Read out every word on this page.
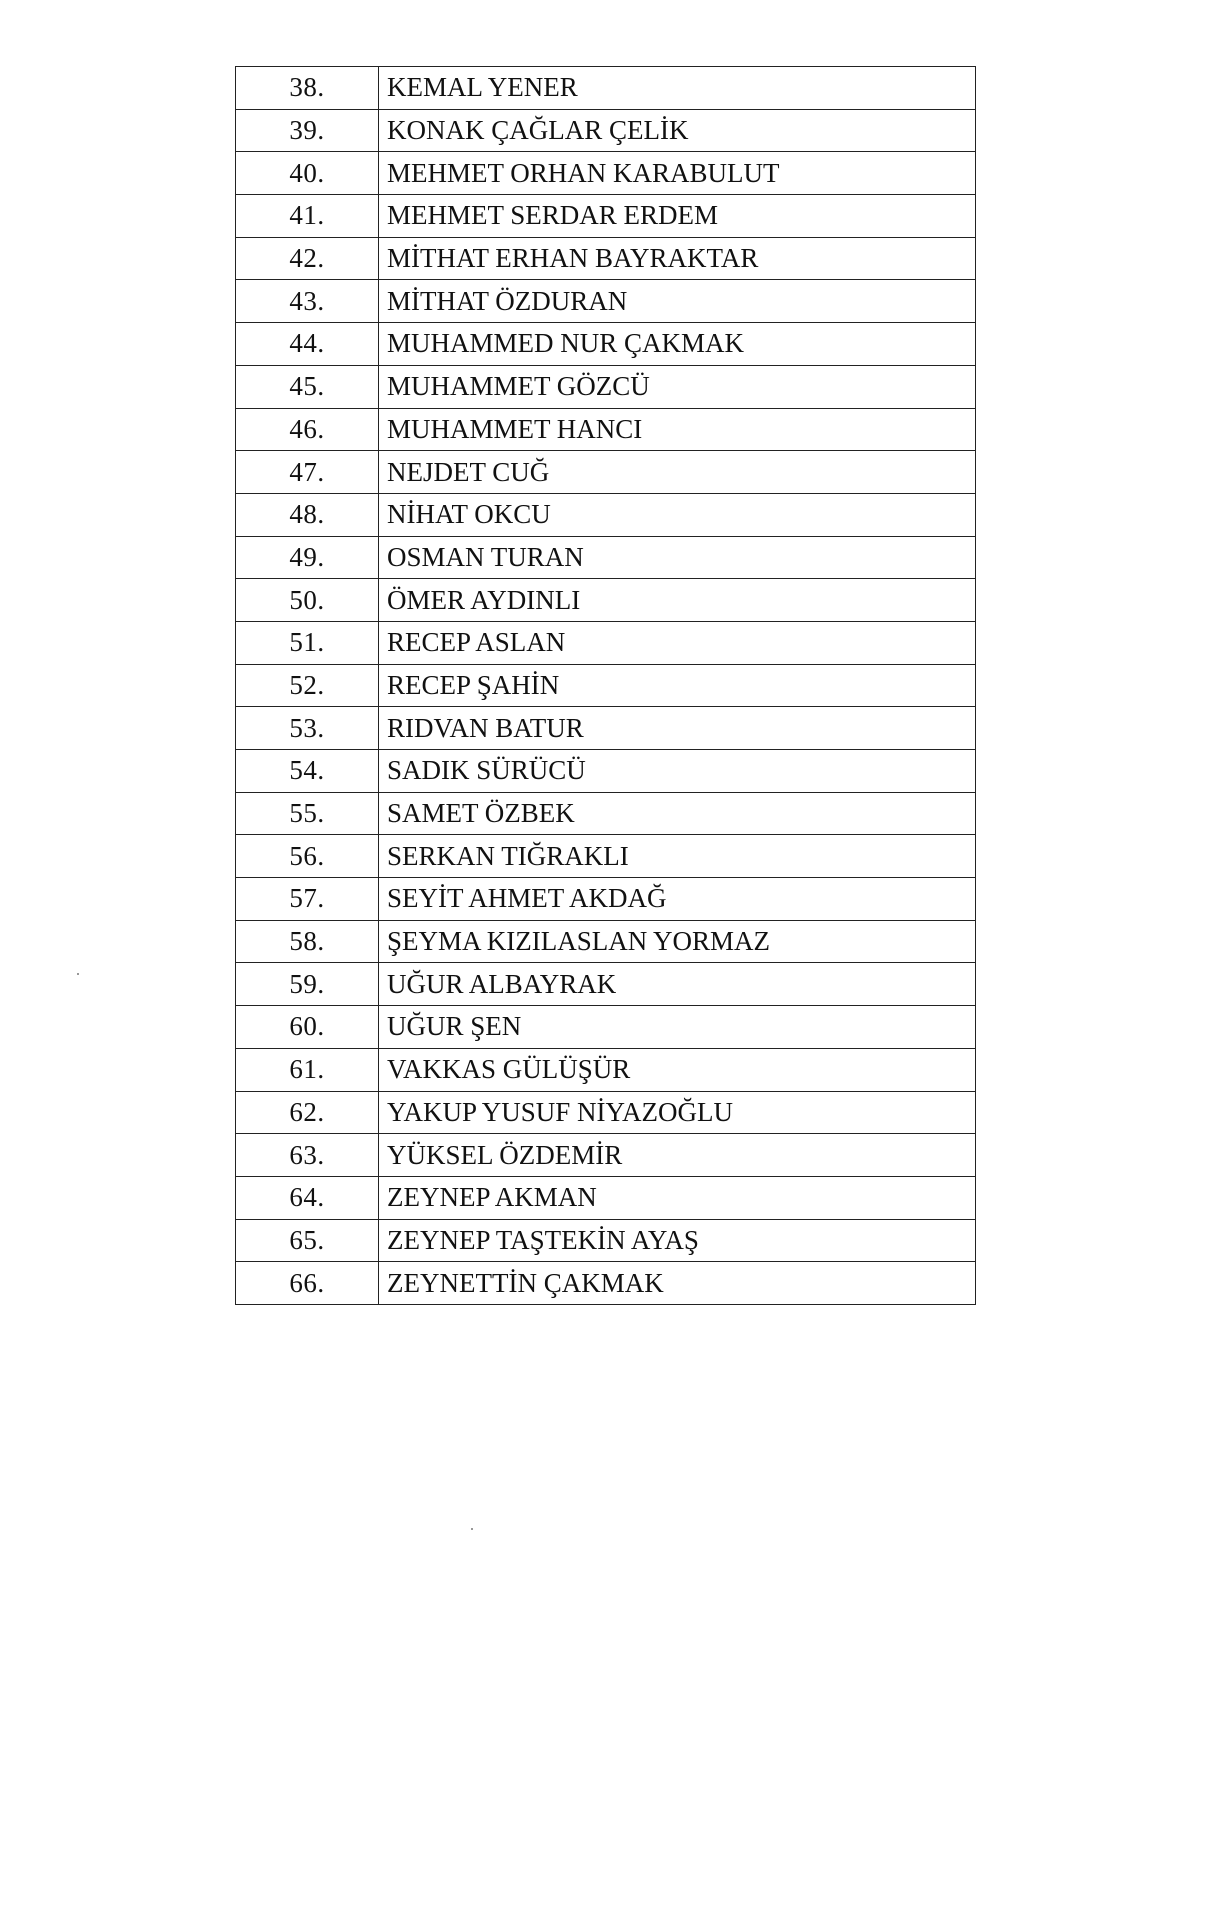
38.	KEMAL YENER
39.	KONAK ÇAĞLAR ÇELİK
40.	MEHMET ORHAN KARABULUT
41.	MEHMET SERDAR ERDEM
42.	MİTHAT ERHAN BAYRAKTAR
43.	MİTHAT ÖZDURAN
44.	MUHAMMED NUR ÇAKMAK
45.	MUHAMMET GÖZCÜ
46.	MUHAMMET HANCI
47.	NEJDET CUĞ
48.	NİHAT OKCU
49.	OSMAN TURAN
50.	ÖMER AYDINLI
51.	RECEP ASLAN
52.	RECEP ŞAHİN
53.	RIDVAN BATUR
54.	SADIK SÜRÜCÜ
55.	SAMET ÖZBEK
56.	SERKAN TIĞRAKLI
57.	SEYİT AHMET AKDAĞ
58.	ŞEYMA KIZILASLAN YORMAZ
59.	UĞUR ALBAYRAK
60.	UĞUR ŞEN
61.	VAKKAS GÜLÜŞÜR
62.	YAKUP YUSUF NİYAZOĞLU
63.	YÜKSEL ÖZDEMİR
64.	ZEYNEP AKMAN
65.	ZEYNEP TAŞTEKİN AYAŞ
66.	ZEYNETTİN ÇAKMAK
